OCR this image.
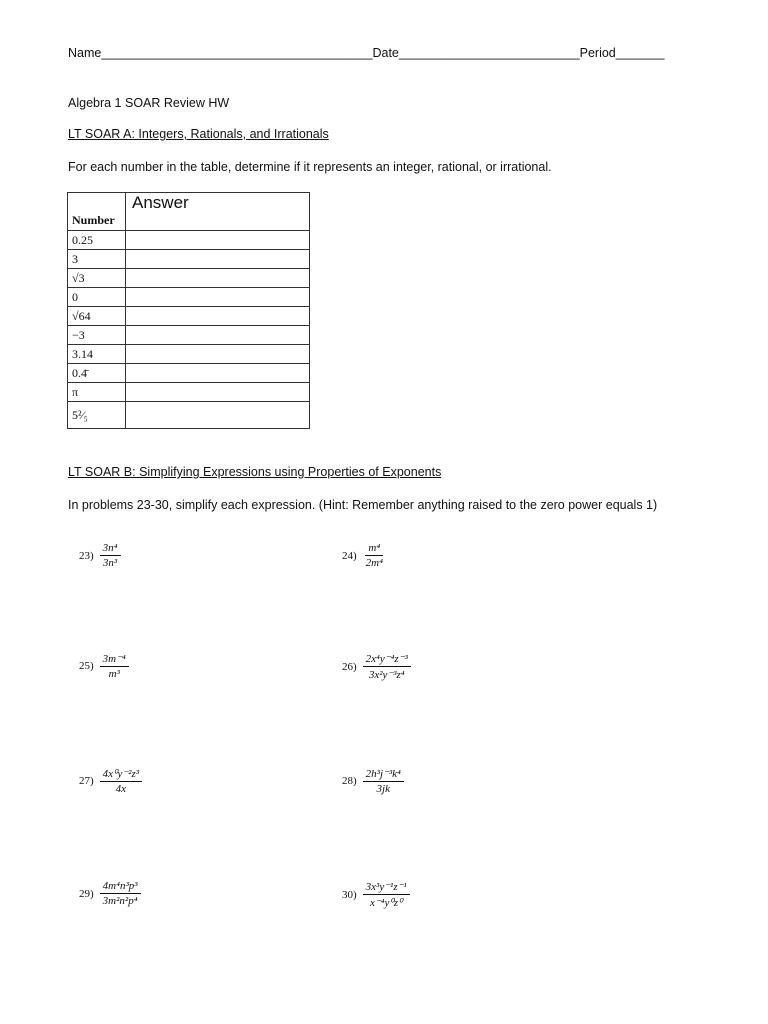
Name_______________________________________Date__________________________Period_______
Algebra 1 SOAR Review HW
LT SOAR A: Integers, Rationals, and Irrationals
For each number in the table, determine if it represents an integer, rational, or irrational.
Number	Answer
0.25	
3	
√3	
0	
√64	
−3	
3.14	
0.4̄	
π	
5²⁄₅	
LT SOAR B: Simplifying Expressions using Properties of Exponents
In problems 23-30, simplify each expression. (Hint: Remember anything raised to the zero power equals 1)
$23) \frac{\text{3n⁴}}{\text{3n³}}$	$24) \frac{\text{m⁴}}{\text{2m⁴}}$
$25) \frac{\text{3m⁻⁴}}{\text{m³}}$	$26) \frac{\text{2x⁴y⁻⁴z⁻³}}{\text{3x²y⁻³z⁴}}$
$27) \frac{\text{4x⁰y⁻²z³}}{4x}$	$28) \frac{\text{2h³j⁻³k⁴}}{3jk}$
$29) \frac{\text{4m⁴n³p³}}{\text{3m²n²p⁴}}$	$30) \frac{\text{3x³y⁻¹z⁻¹}}{\text{x⁻⁴y⁰z⁰}}$
